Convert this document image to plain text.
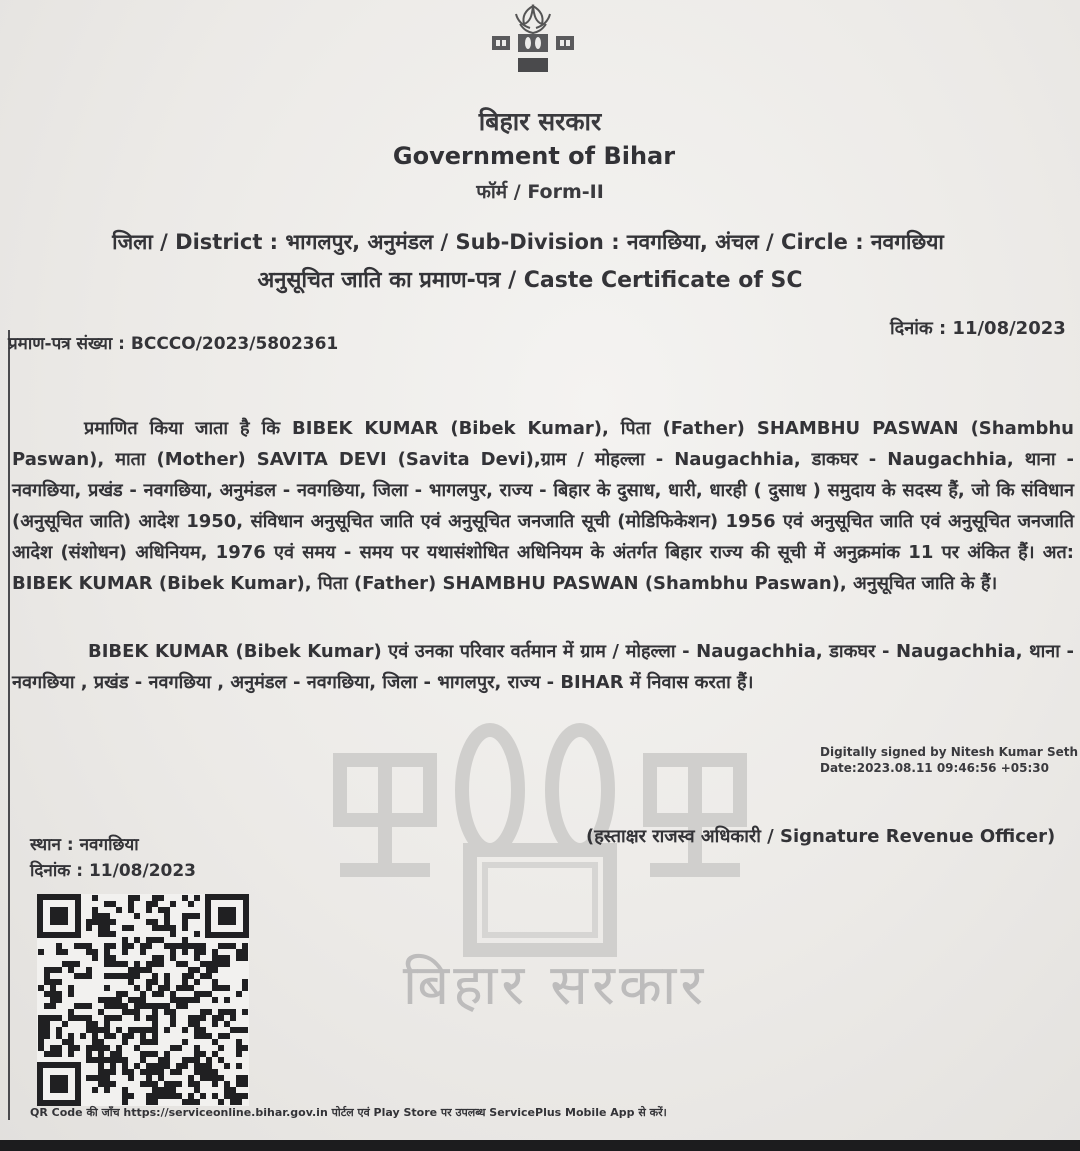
बिहार सरकार
बिहार सरकार
Government of Bihar
फॉर्म / Form-II
जिला / District : भागलपुर, अनुमंडल / Sub-Division : नवगछिया, अंचल / Circle : नवगछिया
अनुसूचित जाति का प्रमाण-पत्र / Caste Certificate of SC
प्रमाण-पत्र संख्या : BCCCO/2023/5802361
दिनांक : 11/08/2023

प्रमाणित किया जाता है कि BIBEK KUMAR (Bibek Kumar), पिता (Father) SHAMBHU PASWAN (Shambhu Paswan), माता (Mother) SAVITA DEVI (Savita Devi),ग्राम / मोहल्ला - Naugachhia, डाकघर - Naugachhia, थाना - नवगछिया, प्रखंड - नवगछिया, अनुमंडल - नवगछिया, जिला - भागलपुर, राज्य - बिहार के दुसाध, धारी, धारही ( दुसाध ) समुदाय के सदस्य हैं, जो कि संविधान (अनुसूचित जाति) आदेश 1950, संविधान अनुसूचित जाति एवं अनुसूचित जनजाति सूची (मोडिफिकेशन) 1956 एवं अनुसूचित जाति एवं अनुसूचित जनजाति आदेश (संशोधन) अधिनियम, 1976 एवं समय - समय पर यथासंशोधित अधिनियम के अंतर्गत बिहार राज्य की सूची में अनुक्रमांक 11 पर अंकित हैं। अत: BIBEK KUMAR (Bibek Kumar), पिता (Father) SHAMBHU PASWAN (Shambhu Paswan), अनुसूचित जाति के हैं।

BIBEK KUMAR (Bibek Kumar) एवं उनका परिवार वर्तमान में ग्राम / मोहल्ला - Naugachhia, डाकघर - Naugachhia, थाना - नवगछिया , प्रखंड - नवगछिया , अनुमंडल - नवगछिया, जिला - भागलपुर, राज्य - BIHAR में निवास करता हैं।

Digitally signed by Nitesh Kumar Seth
Date:2023.08.11 09:46:56 +05:30
(हस्ताक्षर राजस्व अधिकारी / Signature Revenue Officer)
स्थान : नवगछिया
दिनांक : 11/08/2023
QR Code की जाँच https://serviceonline.bihar.gov.in पोर्टल एवं Play Store पर उपलब्ध ServicePlus Mobile App से करें।
